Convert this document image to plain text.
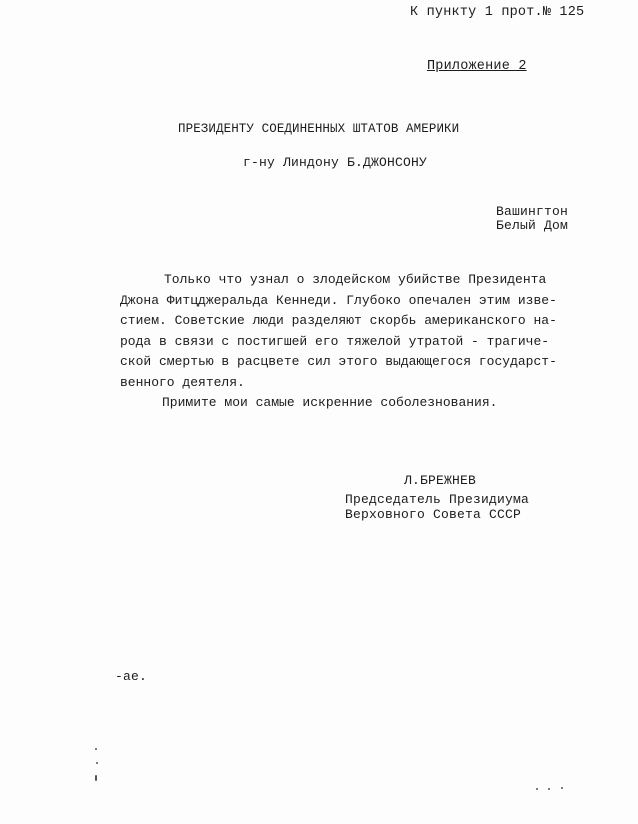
К пункту 1 прот.№ 125
Приложение 2
ПРЕЗИДЕНТУ СОЕДИНЕННЫХ ШТАТОВ АМЕРИКИ
г-ну Линдону Б.ДЖОНСОНУ
Вашингтон
Белый Дом
Только что узнал о злодейском убийстве Президента
Джона Фитцджеральда Кеннеди. Глубоко опечален этим изве-
стием. Советские люди разделяют скорбь американского на-
рода в связи с постигшей его тяжелой утратой - трагиче-
ской смертью в расцвете сил этого выдающегося государст-
венного деятеля.
Примите мои самые искренние соболезнования.
Л.БРЕЖНЕВ
Председатель Президиума
Верховного Совета СССР
-ае.
